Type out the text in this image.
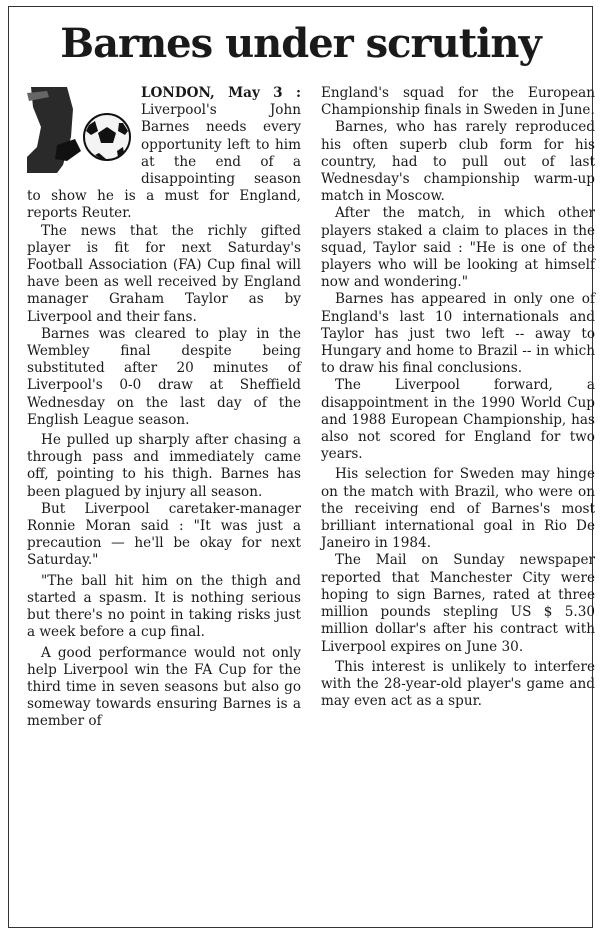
Barnes under scrutiny

LONDON, May 3 : Liverpool's John Barnes needs every opportunity left to him at the end of a disappointing season to show he is a must for England, reports Reuter.

The news that the richly gifted player is fit for next Saturday's Football Association (FA) Cup final will have been as well received by England manager Graham Taylor as by Liverpool and their fans.

Barnes was cleared to play in the Wembley final despite being substituted after 20 minutes of Liverpool's 0-0 draw at Sheffield Wednesday on the last day of the English League season.

He pulled up sharply after chasing a through pass and immediately came off, pointing to his thigh. Barnes has been plagued by injury all season.

But Liverpool caretaker-manager Ronnie Moran said : "It was just a precaution — he'll be okay for next Saturday."

"The ball hit him on the thigh and started a spasm. It is nothing serious but there's no point in taking risks just a week before a cup final.

A good performance would not only help Liverpool win the FA Cup for the third time in seven seasons but also go someway towards ensuring Barnes is a member of

England's squad for the European Championship finals in Sweden in June.

Barnes, who has rarely reproduced his often superb club form for his country, had to pull out of last Wednesday's championship warm-up match in Moscow.

After the match, in which other players staked a claim to places in the squad, Taylor said : "He is one of the players who will be looking at himself now and wondering."

Barnes has appeared in only one of England's last 10 internationals and Taylor has just two left -- away to Hungary and home to Brazil -- in which to draw his final conclusions.

The Liverpool forward, a disappointment in the 1990 World Cup and 1988 European Championship, has also not scored for England for two years.

His selection for Sweden may hinge on the match with Brazil, who were on the receiving end of Barnes's most brilliant international goal in Rio De Janeiro in 1984.

The Mail on Sunday newspaper reported that Manchester City were hoping to sign Barnes, rated at three million pounds stepling US $ 5.30 million dollar's after his contract with Liverpool expires on June 30.

This interest is unlikely to interfere with the 28-year-old player's game and may even act as a spur.
